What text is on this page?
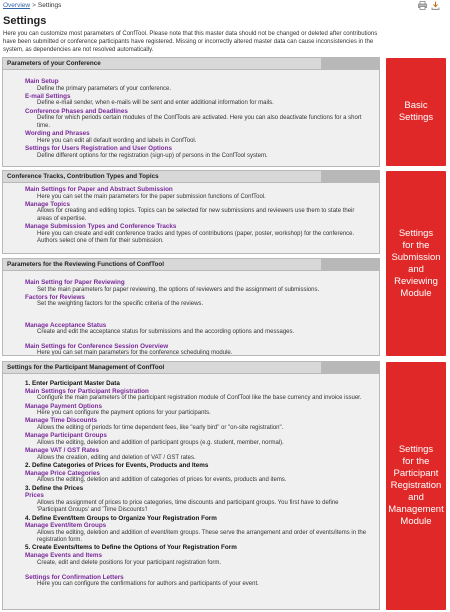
Overview > Settings
Settings
Here you can customize most parameters of ConfTool. Please note that this master data should not be changed or deleted after contributions have been submitted or conference participants have registered. Missing or incorrectly altered master data can cause inconsistencies in the system, as dependencies are not resolved automatically.
Parameters of your Conference
Main Setup
Define the primary parameters of your conference.
E-mail Settings
Define e-mail sender, when e-mails will be sent and enter additional information for mails.
Conference Phases and Deadlines
Define for which periods certain modules of the ConfTools are activated. Here you can also deactivate functions for a short time.
Wording and Phrases
Here you can edit all default wording and labels in ConfTool.
Settings for Users Registration and User Options
Define different options for the registration (sign-up) of persons in the ConfTool system.
Conference Tracks, Contribution Types and Topics
Main Settings for Paper and Abstract Submission
Here you can set the main parameters for the paper submission functions of ConfTool.
Manage Topics
Allows for creating and editing topics. Topics can be selected for new submissions and reviewers use them to state their areas of expertise.
Manage Submission Types and Conference Tracks
Here you can create and edit conference tracks and types of contributions (paper, poster, workshop) for the conference. Authors select one of them for their submission.
Parameters for the Reviewing Functions of ConfTool
Main Setting for Paper Reviewing
Set the main parameters for paper reviewing, the options of reviewers and the assignment of submissions.
Factors for Reviews
Set the weighting factors for the specific criteria of the reviews.
Manage Acceptance Status
Create and edit the acceptance status for submissions and the according options and messages.
Main Settings for Conference Session Overview
Here you can set main parameters for the conference scheduling module.
Settings for the Participant Management of ConfTool
1. Enter Participant Master Data
Main Settings for Participant Registration
Configure the main parameters of the participant registration module of ConfTool like the base currency and invoice issuer.
Manage Payment Options
Here you can configure the payment options for your participants.
Manage Time Discounts
Allows the editing of periods for time dependent fees, like "early bird" or "on-site registration".
Manage Participant Groups
Allows the editing, deletion and addition of participant groups (e.g. student, member, normal).
Manage VAT / GST Rates
Allows the creation, editing and deletion of VAT / GST rates.
2. Define Categories of Prices for Events, Products and Items
Manage Price Categories
Allows the editing, deletion and addition of categories of prices for events, products and items.
3. Define the Prices
Prices
Allows the assignment of prices to price categories, time discounts and participant groups. You first have to define 'Participant Groups' and 'Time Discounts'!
4. Define Event/Item Groups to Organize Your Registration Form
Manage Event/Item Groups
Allows the editing, deletion and addition of event/item groups. These serve the arrangement and order of events/items in the registration form.
5. Create Events/Items to Define the Options of Your Registration Form
Manage Events and Items
Create, edit and delete positions for your participant registration form.
Settings for Confirmation Letters
Here you can configure the confirmations for authors and participants of your event.
Basic
Settings
Settings
for the
Submission
and
Reviewing
Module
Settings
for the
Participant
Registration
and
Management
Module
